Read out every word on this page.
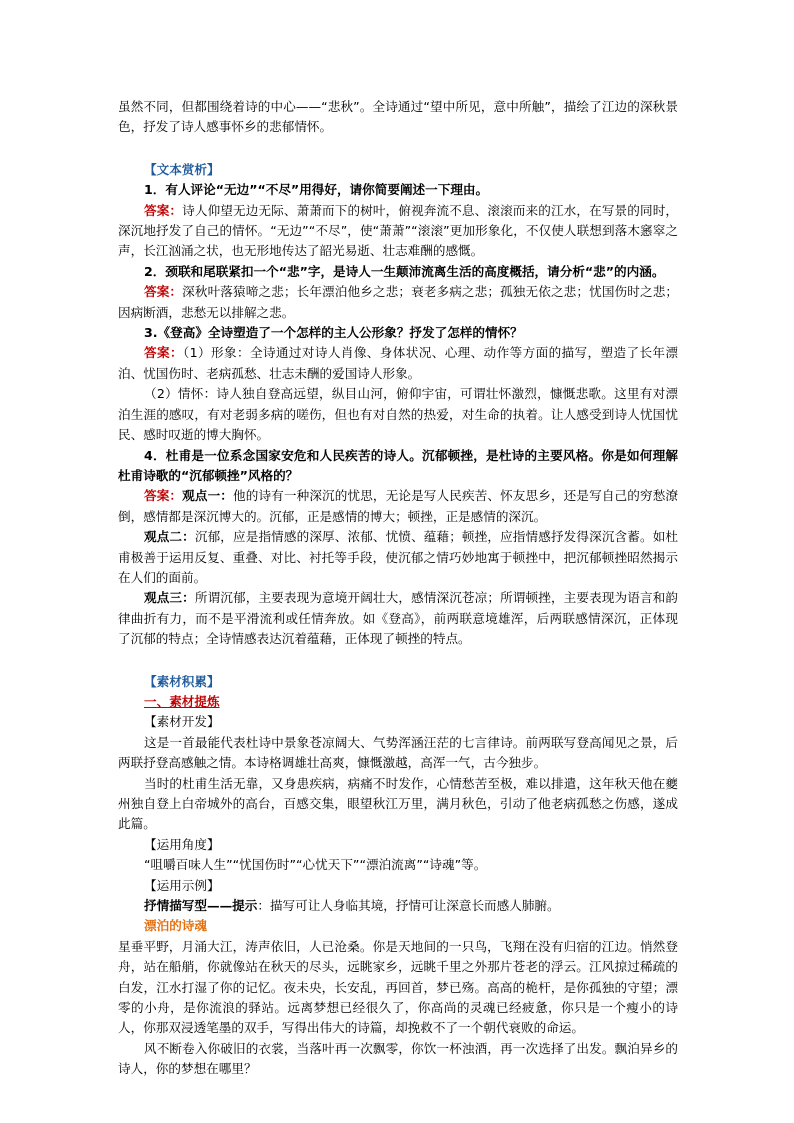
虽然不同，但都围绕着诗的中心——“悲秋”。全诗通过“望中所见，意中所触”，描绘了江边的深秋景色，抒发了诗人感事怀乡的悲郁情怀。

【文本赏析】

1．有人评论“无边”“不尽”用得好，请你简要阐述一下理由。

答案：诗人仰望无边无际、萧萧而下的树叶，俯视奔流不息、滚滚而来的江水，在写景的同时，深沉地抒发了自己的情怀。“无边”“不尽”，使“萧萧”“滚滚”更加形象化，不仅使人联想到落木窸窣之声，长江汹涌之状，也无形地传达了韶光易逝、壮志难酬的感慨。

2．颈联和尾联紧扣一个“悲”字，是诗人一生颠沛流离生活的高度概括，请分析“悲”的内涵。

答案：深秋叶落猿啼之悲；长年漂泊他乡之悲；衰老多病之悲；孤独无依之悲；忧国伤时之悲；因病断酒，悲愁无以排解之悲。

3.《登高》全诗塑造了一个怎样的主人公形象？抒发了怎样的情怀？

答案：（1）形象：全诗通过对诗人肖像、身体状况、心理、动作等方面的描写，塑造了长年漂泊、忧国伤时、老病孤愁、壮志未酬的爱国诗人形象。

（2）情怀：诗人独自登高远望，纵目山河，俯仰宇宙，可谓壮怀激烈，慷慨悲歌。这里有对漂泊生涯的感叹，有对老弱多病的嗟伤，但也有对自然的热爱，对生命的执着。让人感受到诗人忧国忧民、感时叹逝的博大胸怀。

4．杜甫是一位系念国家安危和人民疾苦的诗人。沉郁顿挫，是杜诗的主要风格。你是如何理解杜甫诗歌的“沉郁顿挫”风格的？

答案：观点一：他的诗有一种深沉的忧思，无论是写人民疾苦、怀友思乡，还是写自己的穷愁潦倒，感情都是深沉博大的。沉郁，正是感情的博大；顿挫，正是感情的深沉。

观点二：沉郁，应是指情感的深厚、浓郁、忧愤、蕴藉；顿挫，应指情感抒发得深沉含蓄。如杜甫极善于运用反复、重叠、对比、衬托等手段，使沉郁之情巧妙地寓于顿挫中，把沉郁顿挫昭然揭示在人们的面前。

观点三：所谓沉郁，主要表现为意境开阔壮大，感情深沉苍凉；所谓顿挫，主要表现为语言和韵律曲折有力，而不是平滑流利或任情奔放。如《登高》，前两联意境雄浑，后两联感情深沉，正体现了沉郁的特点；全诗情感表达沉着蕴藉，正体现了顿挫的特点。

【素材积累】

一、素材提炼

【素材开发】

这是一首最能代表杜诗中景象苍凉阔大、气势浑涵汪茫的七言律诗。前两联写登高闻见之景，后两联抒登高感触之情。本诗格调雄壮高爽，慷慨激越，高浑一气，古今独步。

当时的杜甫生活无靠，又身患疾病，病痛不时发作，心情愁苦至极，难以排遣，这年秋天他在夔州独自登上白帝城外的高台，百感交集，眼望秋江万里，满月秋色，引动了他老病孤愁之伤感，遂成此篇。

【运用角度】

“咀嚼百味人生”“忧国伤时”“心忧天下”“漂泊流离”“诗魂”等。

【运用示例】

抒情描写型——提示：描写可让人身临其境，抒情可让深意长而感人肺腑。

漂泊的诗魂

星垂平野，月涌大江，涛声依旧，人已沧桑。你是天地间的一只鸟，飞翔在没有归宿的江边。悄然登舟，站在船艄，你就像站在秋天的尽头，远眺家乡，远眺千里之外那片苍老的浮云。江风掠过稀疏的白发，江水打湿了你的记忆。夜未央，长安乱，再回首，梦已殇。高高的桅杆，是你孤独的守望；漂零的小舟，是你流浪的驿站。远离梦想已经很久了，你高尚的灵魂已经疲惫，你只是一个瘦小的诗人，你那双浸透笔墨的双手，写得出伟大的诗篇，却挽救不了一个朝代衰败的命运。

风不断卷入你破旧的衣裳，当落叶再一次飘零，你饮一杯浊酒，再一次选择了出发。飘泊异乡的诗人，你的梦想在哪里？
